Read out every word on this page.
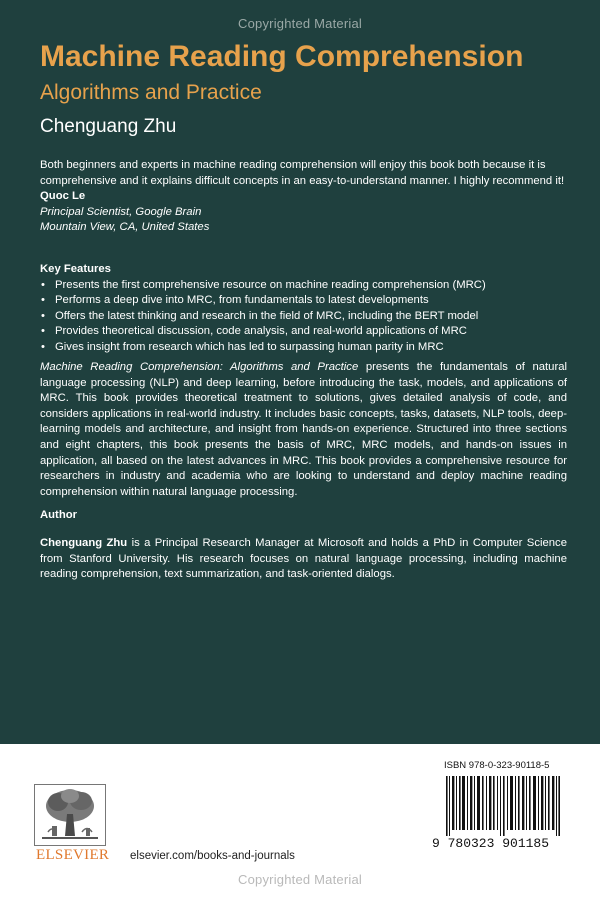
Copyrighted Material
Machine Reading Comprehension
Algorithms and Practice
Chenguang Zhu
Both beginners and experts in machine reading comprehension will enjoy this book both because it is comprehensive and it explains difficult concepts in an easy-to-understand manner. I highly recommend it!
Quoc Le
Principal Scientist, Google Brain
Mountain View, CA, United States
Key Features
• Presents the first comprehensive resource on machine reading comprehension (MRC)
• Performs a deep dive into MRC, from fundamentals to latest developments
• Offers the latest thinking and research in the field of MRC, including the BERT model
• Provides theoretical discussion, code analysis, and real-world applications of MRC
• Gives insight from research which has led to surpassing human parity in MRC
Machine Reading Comprehension: Algorithms and Practice presents the fundamentals of natural language processing (NLP) and deep learning, before introducing the task, models, and applications of MRC. This book provides theoretical treatment to solutions, gives detailed analysis of code, and considers applications in real-world industry. It includes basic concepts, tasks, datasets, NLP tools, deep-learning models and architecture, and insight from hands-on experience. Structured into three sections and eight chapters, this book presents the basis of MRC, MRC models, and hands-on issues in application, all based on the latest advances in MRC. This book provides a comprehensive resource for researchers in industry and academia who are looking to understand and deploy machine reading comprehension within natural language processing.
Author
Chenguang Zhu is a Principal Research Manager at Microsoft and holds a PhD in Computer Science from Stanford University. His research focuses on natural language processing, including machine reading comprehension, text summarization, and task-oriented dialogs.
ELSEVIER	elsevier.com/books-and-journals
ISBN 978-0-323-90118-5
9 780323 901185
Copyrighted Material
